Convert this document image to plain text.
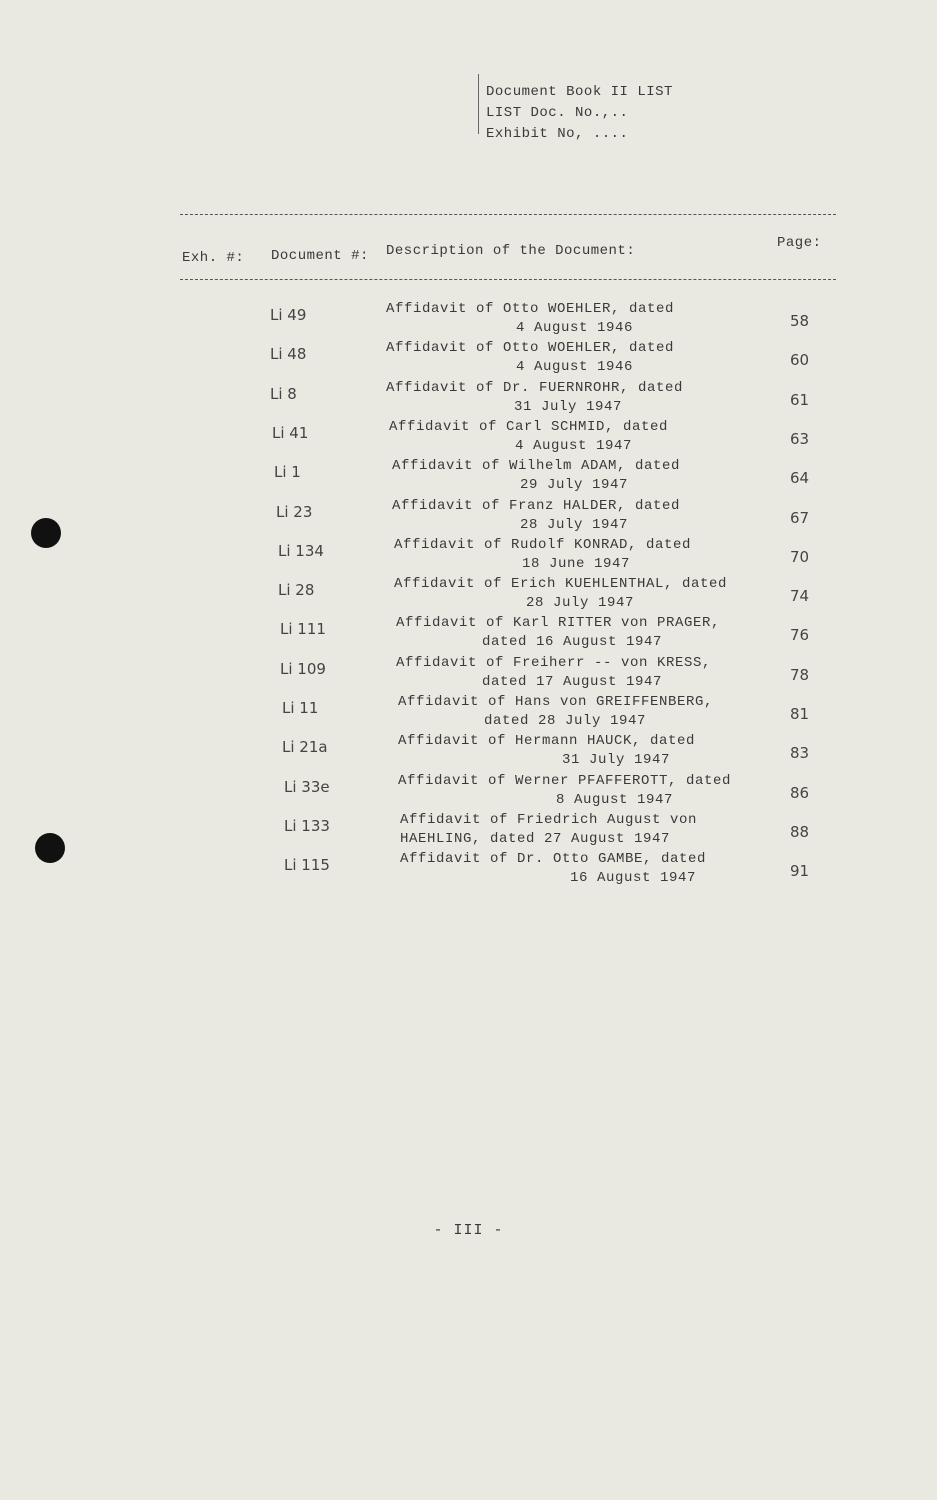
Document Book II LIST
LIST Doc. No.,..
Exhibit No, ....
Exh. #: Document #: Description of the Document:	Page:
Li 49	Affidavit of Otto WOEHLER, dated
4 August 1946	58
Li 48	Affidavit of Otto WOEHLER, dated
4 August 1946	60
Li 8	Affidavit of Dr. FUERNROHR, dated
31 July 1947	61
Li 41	Affidavit of Carl SCHMID, dated
4 August 1947	63
Li 1	Affidavit of Wilhelm ADAM, dated
29 July 1947	64
Li 23	Affidavit of Franz HALDER, dated
28 July 1947	67
Li 134	Affidavit of Rudolf KONRAD, dated
18 June 1947	70
Li 28	Affidavit of Erich KUEHLENTHAL, dated
28 July 1947	74
Li 111	Affidavit of Karl RITTER von PRAGER,
dated 16 August 1947	76
Li 109	Affidavit of Freiherr -- von KRESS,
dated 17 August 1947	78
Li 11	Affidavit of Hans von GREIFFENBERG,
dated 28 July 1947	81
Li 21a	Affidavit of Hermann HAUCK, dated
31 July 1947	83
Li 33e	Affidavit of Werner PFAFFEROTT, dated
8 August 1947	86
Li 133	Affidavit of Friedrich August von
HAEHLING, dated 27 August 1947	88
Li 115	Affidavit of Dr. Otto GAMBE, dated
16 August 1947	91
- III -
